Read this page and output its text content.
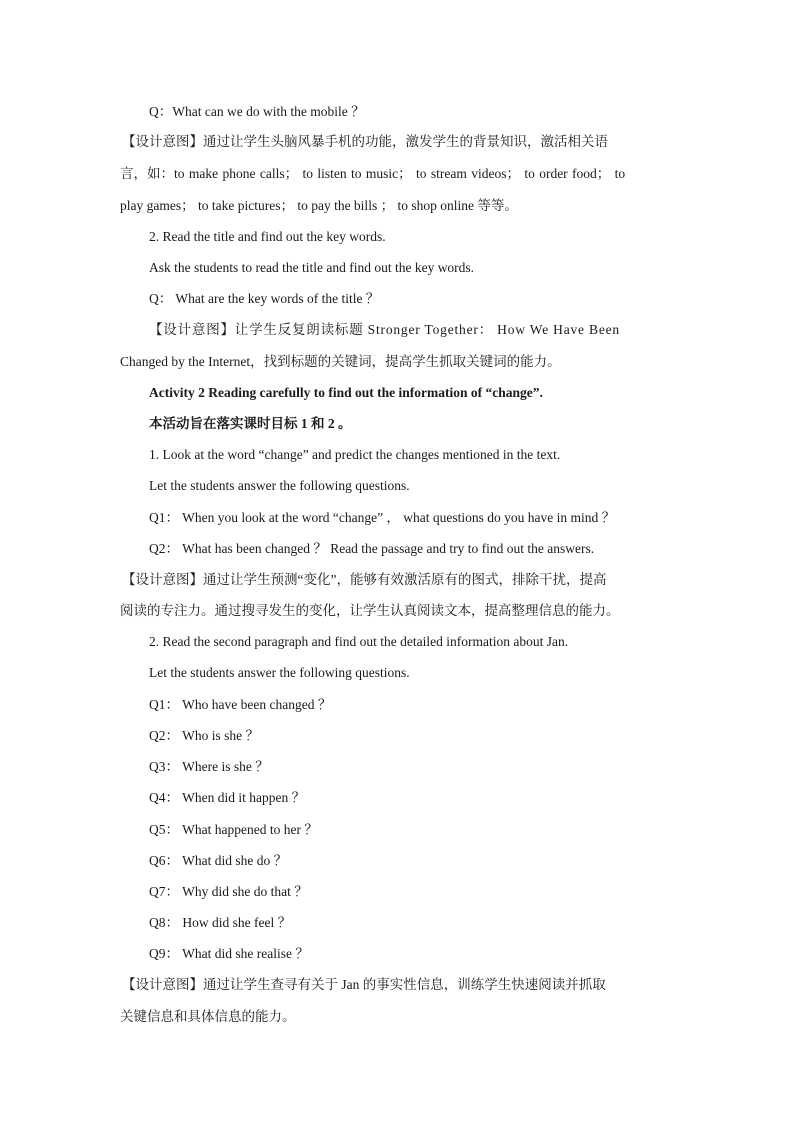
Q：What can we do with the mobile ？
【设计意图】通过让学生头脑风暴手机的功能，激发学生的背景知识，激活相关语
言，如：to make phone calls； to listen to music； to stream videos； to order food； to
play games； to take pictures； to pay the bills ； to shop online 等等。
2. Read the title and find out the key words.
Ask the students to read the title and find out the key words.
Q： What are the key words of the title ？
【设计意图】让学生反复朗读标题 Stronger Together： How We Have Been
Changed by the Internet，找到标题的关键词，提高学生抓取关键词的能力。
Activity 2 Reading carefully to find out the information of “change”.
本活动旨在落实课时目标 1 和 2 。
1. Look at the word “change” and predict the changes mentioned in the text.
Let the students answer the following questions.
Q1： When you look at the word “change” ， what questions do you have in mind ？
Q2： What has been changed ？ Read the passage and try to find out the answers.
【设计意图】通过让学生预测“变化”，能够有效激活原有的图式，排除干扰，提高
阅读的专注力。通过搜寻发生的变化，让学生认真阅读文本，提高整理信息的能力。
2. Read the second paragraph and find out the detailed information about Jan.
Let the students answer the following questions.
Q1： Who have been changed ？
Q2： Who is she ？
Q3： Where is she ？
Q4： When did it happen ？
Q5： What happened to her ？
Q6： What did she do ？
Q7： Why did she do that ？
Q8： How did she feel ？
Q9： What did she realise ？
【设计意图】通过让学生查寻有关于 Jan 的事实性信息，训练学生快速阅读并抓取
关键信息和具体信息的能力。
